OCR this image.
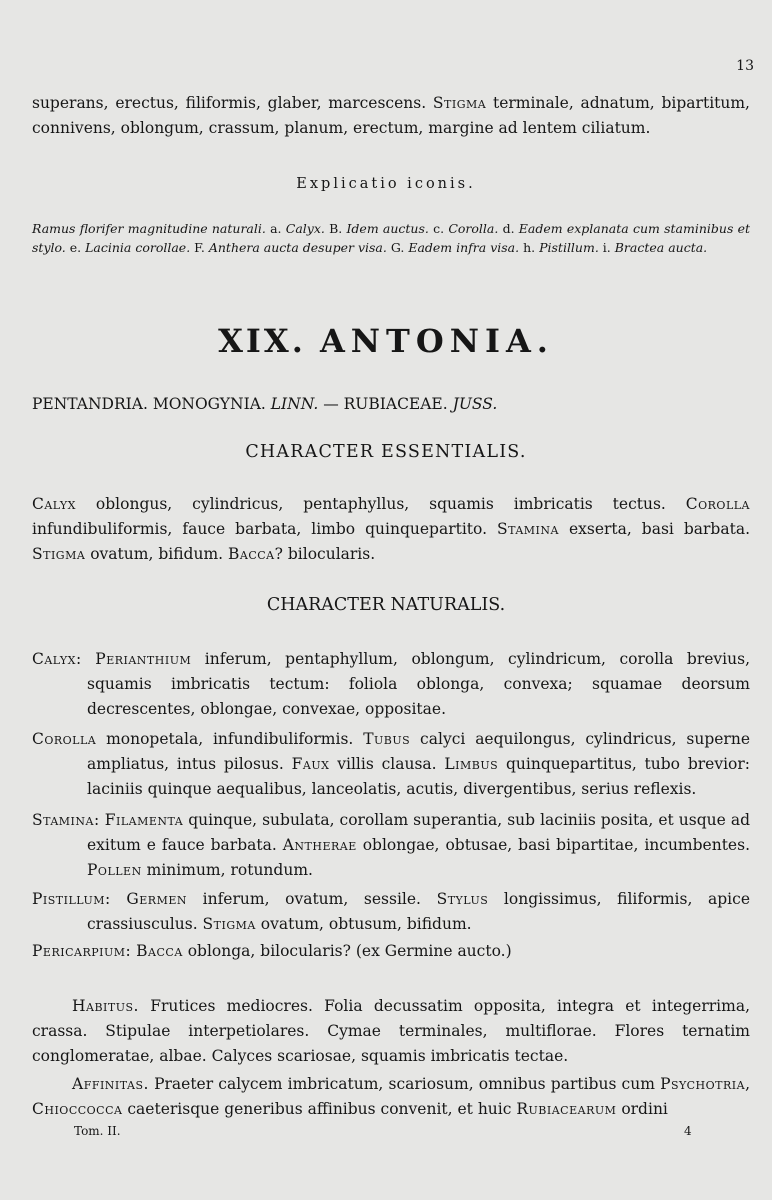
13
superans, erectus, filiformis, glaber, marcescens. Stigma terminale, adnatum, bipartitum, connivens, oblongum, crassum, planum, erectum, margine ad lentem ciliatum.
Explicatio iconis.
Ramus florifer magnitudine naturali. a. Calyx. B. Idem auctus. c. Corolla. d. Eadem explanata cum staminibus et stylo. e. Lacinia corollae. F. Anthera aucta desuper visa. G. Eadem infra visa. h. Pistillum. i. Bractea aucta.
XIX. ANTONIA.
PENTANDRIA. MONOGYNIA. LINN. — RUBIACEAE. JUSS.
CHARACTER ESSENTIALIS.
Calyx oblongus, cylindricus, pentaphyllus, squamis imbricatis tectus. Corolla infundibuliformis, fauce barbata, limbo quinquepartito. Stamina exserta, basi barbata. Stigma ovatum, bifidum. Bacca? bilocularis.
CHARACTER NATURALIS.
Calyx: Perianthium inferum, pentaphyllum, oblongum, cylindricum, corolla brevius, squamis imbricatis tectum: foliola oblonga, convexa; squamae deorsum decrescentes, oblongae, convexae, oppositae.
Corolla monopetala, infundibuliformis. Tubus calyci aequilongus, cylindricus, superne ampliatus, intus pilosus. Faux villis clausa. Limbus quinquepartitus, tubo brevior: laciniis quinque aequalibus, lanceolatis, acutis, divergentibus, serius reflexis.
Stamina: Filamenta quinque, subulata, corollam superantia, sub laciniis posita, et usque ad exitum e fauce barbata. Antherae oblongae, obtusae, basi bipartitae, incumbentes. Pollen minimum, rotundum.
Pistillum: Germen inferum, ovatum, sessile. Stylus longissimus, filiformis, apice crassiusculus. Stigma ovatum, obtusum, bifidum.
Pericarpium: Bacca oblonga, bilocularis? (ex Germine aucto.)
Habitus. Frutices mediocres. Folia decussatim opposita, integra et integerrima, crassa. Stipulae interpetiolares. Cymae terminales, multiflorae. Flores ternatim conglomeratae, albae. Calyces scariosae, squamis imbricatis tectae.
Affinitas. Praeter calycem imbricatum, scariosum, omnibus partibus cum Psychotria, Chioccocca caeterisque generibus affinibus convenit, et huic Rubiacearum ordini
Tom. II.	4
